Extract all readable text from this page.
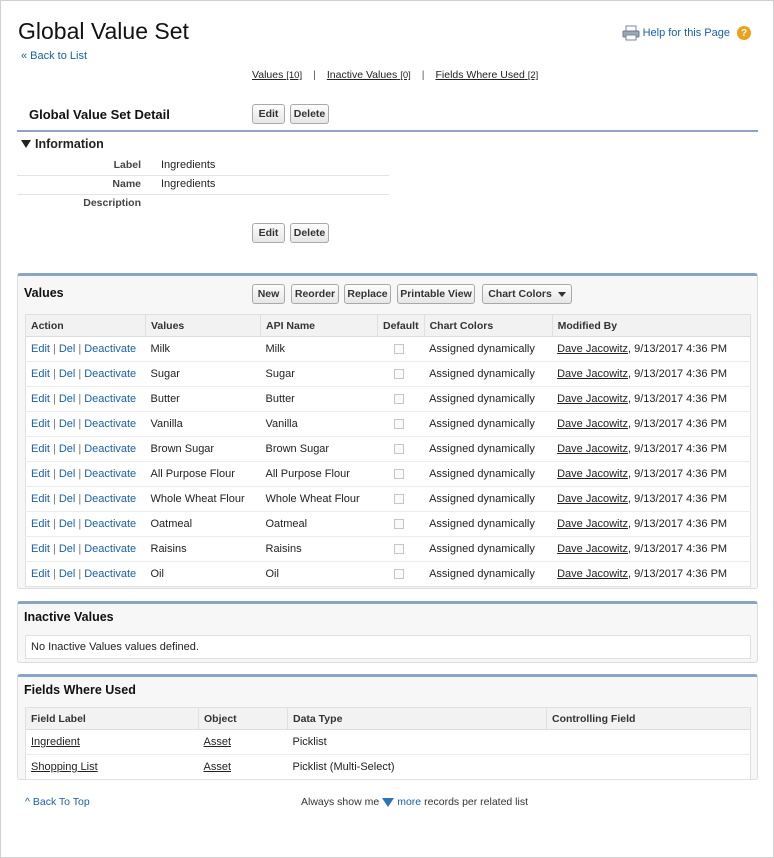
Global Value Set
« Back to List
Help for this Page	?
Values [10] | Inactive Values [0] | Fields Where Used [2]
Global Value Set Detail	Edit	Delete
Information
Label Ingredients
Name Ingredients
Description
Edit	Delete
Values	New	Reorder	Replace	Printable View	Chart Colors
Action	Values	API Name	Default	Chart Colors	Modified By
Edit | Del | Deactivate	Milk	Milk		Assigned dynamically	Dave Jacowitz, 9/13/2017 4:36 PM
Edit | Del | Deactivate	Sugar	Sugar		Assigned dynamically	Dave Jacowitz, 9/13/2017 4:36 PM
Edit | Del | Deactivate	Butter	Butter		Assigned dynamically	Dave Jacowitz, 9/13/2017 4:36 PM
Edit | Del | Deactivate	Vanilla	Vanilla		Assigned dynamically	Dave Jacowitz, 9/13/2017 4:36 PM
Edit | Del | Deactivate	Brown Sugar	Brown Sugar		Assigned dynamically	Dave Jacowitz, 9/13/2017 4:36 PM
Edit | Del | Deactivate	All Purpose Flour	All Purpose Flour		Assigned dynamically	Dave Jacowitz, 9/13/2017 4:36 PM
Edit | Del | Deactivate	Whole Wheat Flour	Whole Wheat Flour		Assigned dynamically	Dave Jacowitz, 9/13/2017 4:36 PM
Edit | Del | Deactivate	Oatmeal	Oatmeal		Assigned dynamically	Dave Jacowitz, 9/13/2017 4:36 PM
Edit | Del | Deactivate	Raisins	Raisins		Assigned dynamically	Dave Jacowitz, 9/13/2017 4:36 PM
Edit | Del | Deactivate	Oil	Oil		Assigned dynamically	Dave Jacowitz, 9/13/2017 4:36 PM
Inactive Values
No Inactive Values values defined.
Fields Where Used
Field Label	Object	Data Type	Controlling Field
Ingredient	Asset	Picklist	
Shopping List	Asset	Picklist (Multi-Select)	
^ Back To Top	Always show me more records per related list
